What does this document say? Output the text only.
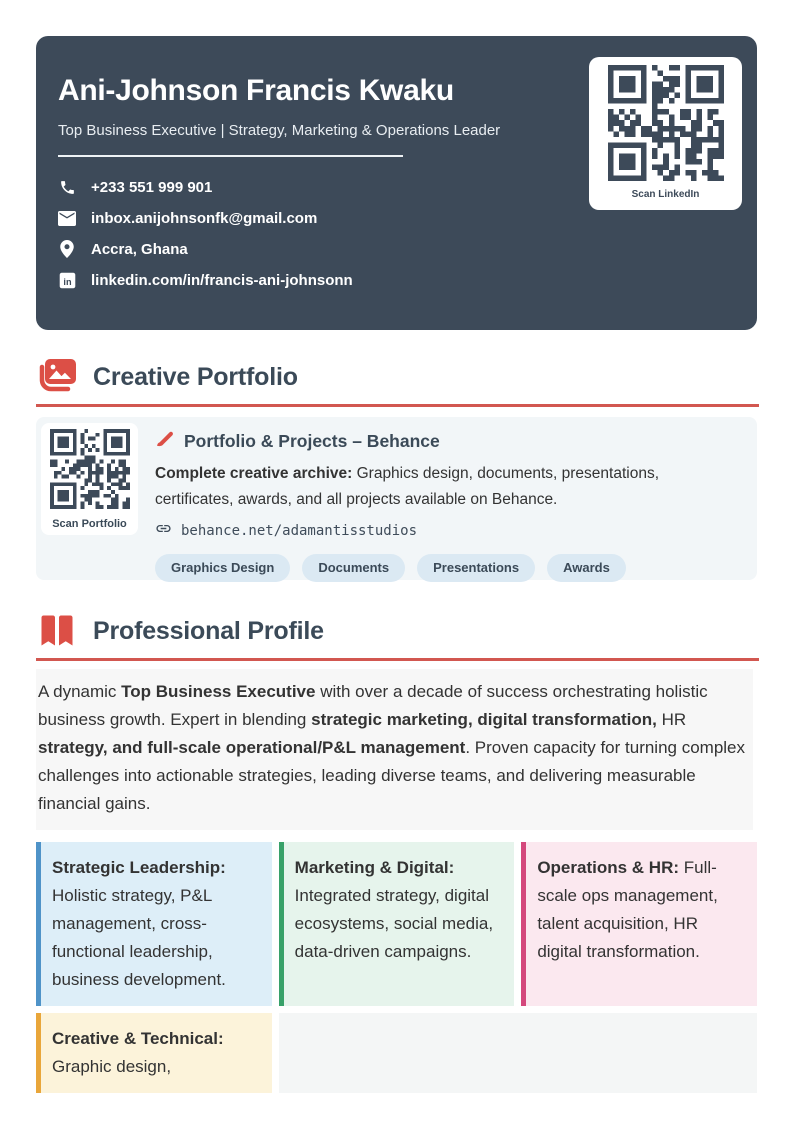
Ani-Johnson Francis Kwaku
Top Business Executive | Strategy, Marketing & Operations Leader
+233 551 999 901
inbox.anijohnsonfk@gmail.com
Accra, Ghana
in linkedin.com/in/francis-ani-johnsonn
Scan LinkedIn
Creative Portfolio
Scan Portfolio
Portfolio & Projects – Behance
Complete creative archive: Graphics design, documents, presentations, certificates, awards, and all projects available on Behance.
behance.net/adamantisstudios
Graphics Design	Documents	Presentations	Awards
Professional Profile
A dynamic Top Business Executive with over a decade of success orchestrating holistic business growth. Expert in blending strategic marketing, digital transformation, HR strategy, and full-scale operational/P&L management. Proven capacity for turning complex challenges into actionable strategies, leading diverse teams, and delivering measurable financial gains.
Strategic Leadership: Holistic strategy, P&L management, cross-functional leadership, business development.
Marketing & Digital: Integrated strategy, digital ecosystems, social media, data-driven campaigns.
Operations & HR: Full-scale ops management, talent acquisition, HR digital transformation.
Creative & Technical:
Graphic design,
